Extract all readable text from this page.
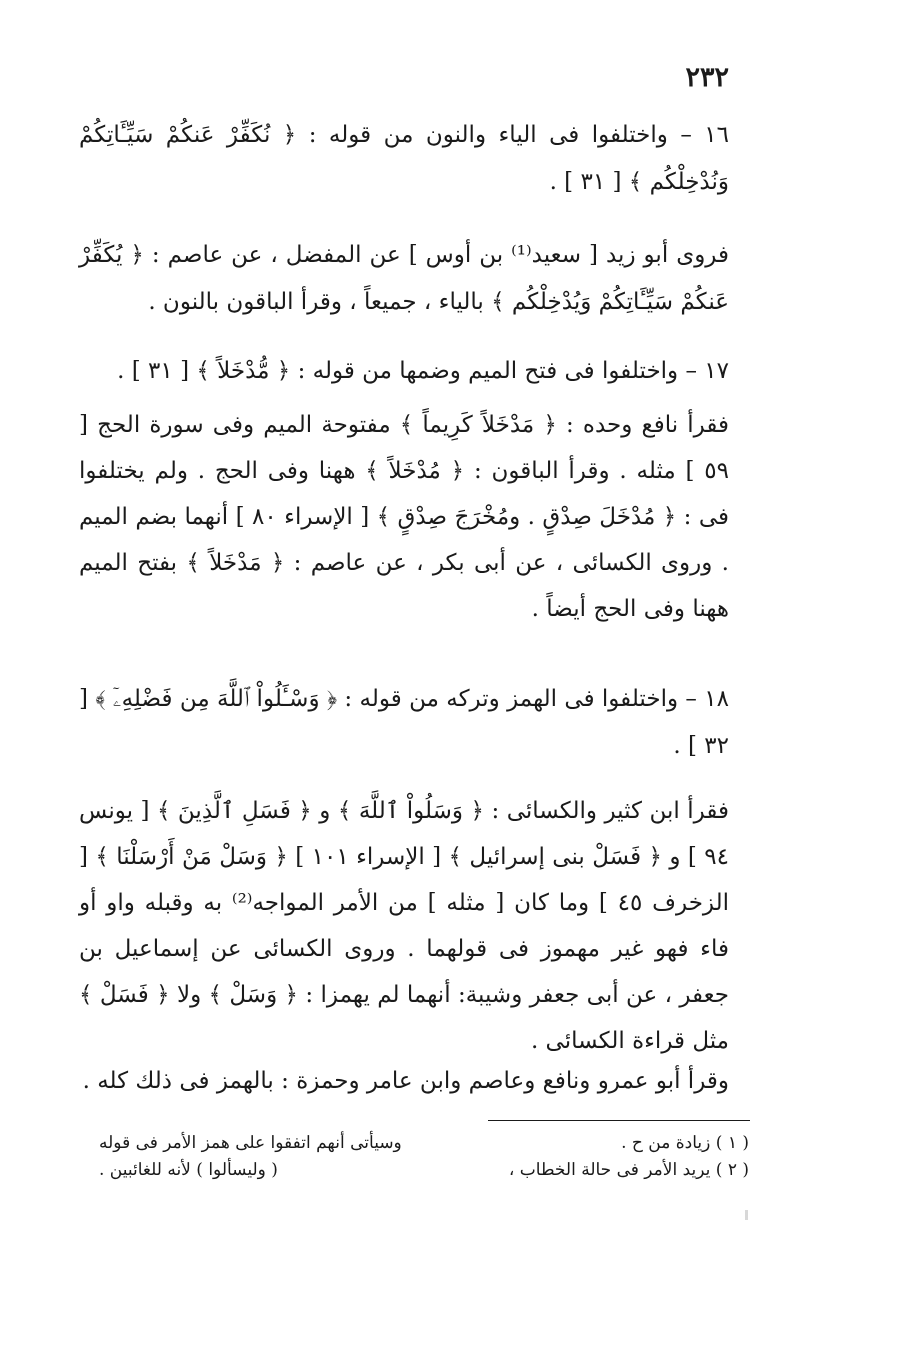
٢٣٢
١٦ – واختلفوا فى الياء والنون من قوله : ﴿ نُكَفِّرْ عَنكُمْ سَيِّـَٔاتِكُمْ وَنُدْخِلْكُم ﴾ [ ٣١ ] .
فروى أبو زيد [ سعيد⁽¹⁾ بن أوس ] عن المفضل ، عن عاصم : ﴿ يُكَفِّرْ عَنكُمْ سَيِّـَٔاتِكُمْ وَيُدْخِلْكُم ﴾ بالياء ، جميعاً ، وقرأ الباقون بالنون .
١٧ – واختلفوا فى فتح الميم وضمها من قوله : ﴿ مُّدْخَلاً ﴾ [ ٣١ ] .
فقرأ نافع وحده : ﴿ مَدْخَلاً كَرِيماً ﴾ مفتوحة الميم وفى سورة الحج [ ٥٩ ] مثله . وقرأ الباقون : ﴿ مُدْخَلاً ﴾ ههنا وفى الحج . ولم يختلفوا فى : ﴿ مُدْخَلَ صِدْقٍ . ومُخْرَجَ صِدْقٍ ﴾ [ الإسراء ٨٠ ] أنهما بضم الميم . وروى الكسائى ، عن أبى بكر ، عن عاصم : ﴿ مَدْخَلاً ﴾ بفتح الميم ههنا وفى الحج أيضاً .
١٨ – واختلفوا فى الهمز وتركه من قوله : ﴿ وَسْـَٔلُواْ ٱللَّهَ مِن فَضْلِهِۦٓ ﴾ [ ٣٢ ] .
فقرأ ابن كثير والكسائى : ﴿ وَسَلُواْ ٱللَّهَ ﴾ و ﴿ فَسَلِ ٱلَّذِينَ ﴾ [ يونس ٩٤ ] و ﴿ فَسَلْ بنى إسرائيل ﴾ [ الإسراء ١٠١ ] ﴿ وَسَلْ مَنْ أَرْسَلْنَا ﴾ [ الزخرف ٤٥ ] وما كان [ مثله ] من الأمر المواجه⁽²⁾ به وقبله واو أو فاء فهو غير مهموز فى قولهما . وروى الكسائى عن إسماعيل بن جعفر ، عن أبى جعفر وشيبة: أنهما لم يهمزا : ﴿ وَسَلْ ﴾ ولا ﴿ فَسَلْ ﴾ مثل قراءة الكسائى .
وقرأ أبو عمرو ونافع وعاصم وابن عامر وحمزة : بالهمز فى ذلك كله .
( ١ ) زيادة من ح .
وسيأتى أنهم اتفقوا على همز الأمر فى قوله
( ٢ ) يريد الأمر فى حالة الخطاب ،
( وليسألوا ) لأنه للغائبين .
